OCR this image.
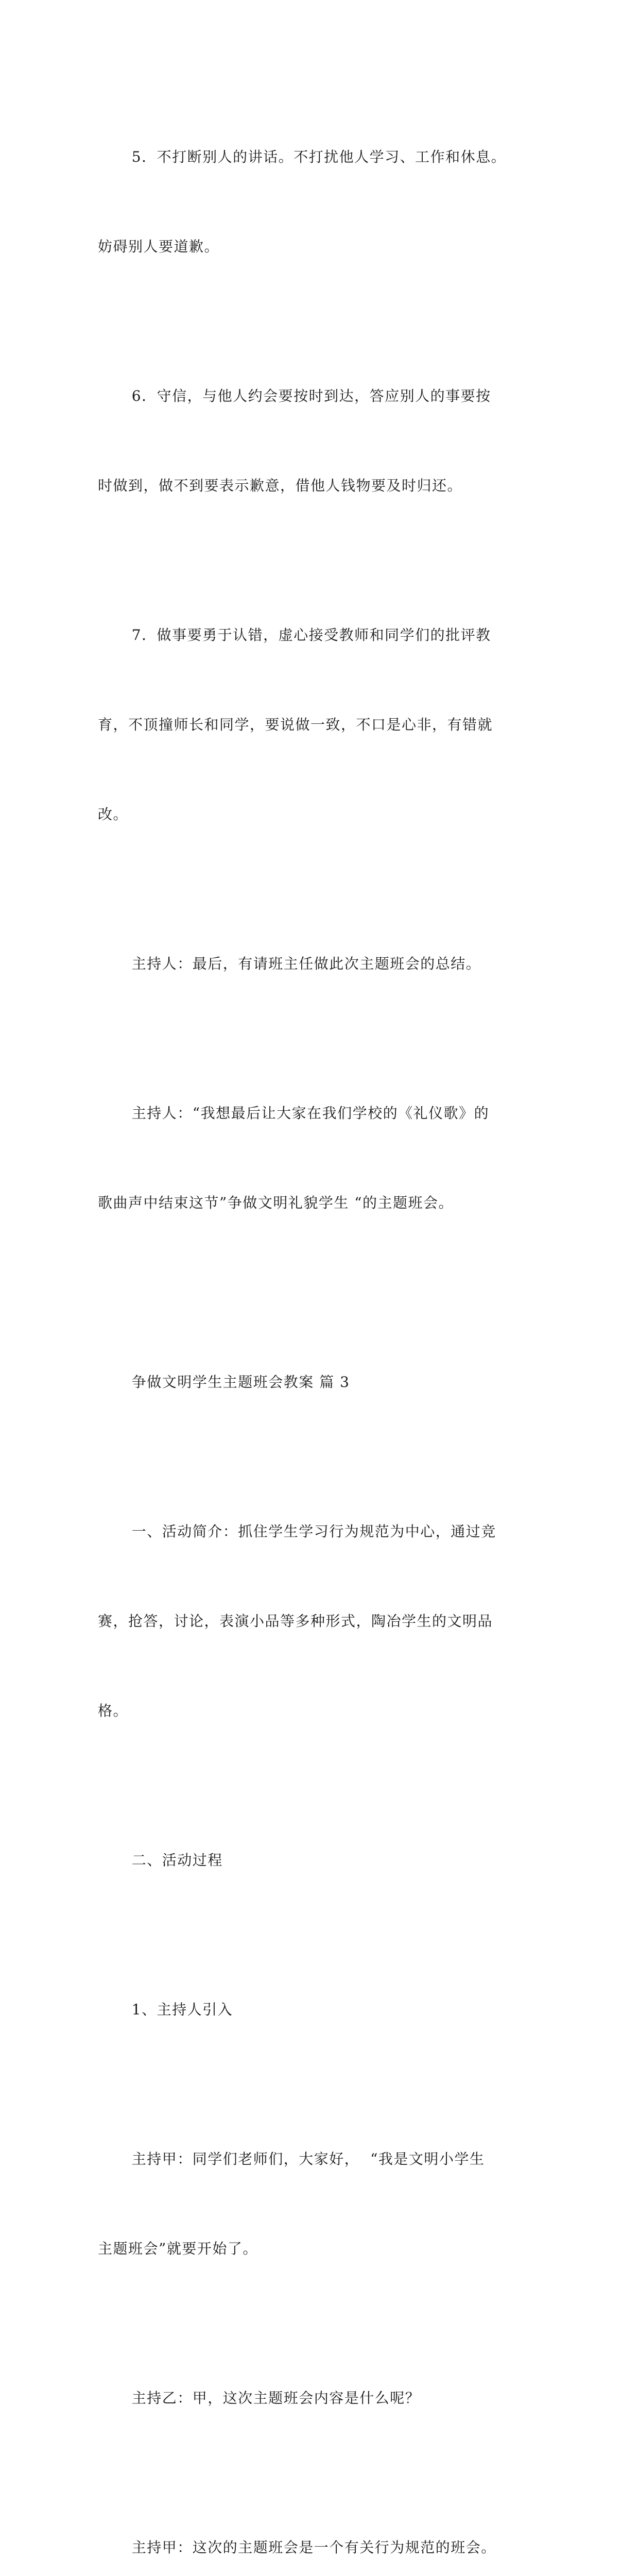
5．不打断别人的讲话。不打扰他人学习、工作和休息。

妨碍别人要道歉。

6．守信，与他人约会要按时到达，答应别人的事要按

时做到，做不到要表示歉意，借他人钱物要及时归还。

7．做事要勇于认错，虚心接受教师和同学们的批评教

育，不顶撞师长和同学，要说做一致，不口是心非，有错就

改。

主持人：最后，有请班主任做此次主题班会的总结。

主持人：“我想最后让大家在我们学校的《礼仪歌》的

歌曲声中结束这节”争做文明礼貌学生 “的主题班会。

争做文明学生主题班会教案 篇 3

一、活动简介：抓住学生学习行为规范为中心，通过竞

赛，抢答，讨论，表演小品等多种形式，陶冶学生的文明品

格。

二、活动过程

1、主持人引入

主持甲：同学们老师们，大家好，  “我是文明小学生

主题班会”就要开始了。

主持乙：甲，这次主题班会内容是什么呢？

主持甲：这次的主题班会是一个有关行为规范的班会。
